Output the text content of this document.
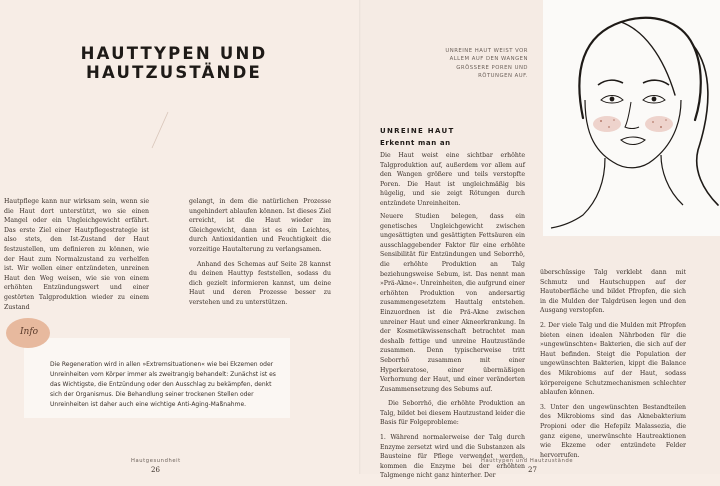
HAUTTYPEN UND
HAUTZUSTÄNDE

Hautpflege kann nur wirksam sein, wenn sie die Haut dort unterstützt, wo sie einen Mangel oder ein Ungleichgewicht erfährt. Das erste Ziel einer Hautpflegestrategie ist also stets, den Ist-Zustand der Haut festzustellen, um definieren zu können, wie der Haut zum Normalzustand zu verhelfen ist. Wir wollen einer entzündeten, unreinen Haut den Weg weisen, wie sie von einem erhöhten Entzündungswert und einer gestörten Talgproduktion wieder zu einem Zustand

gelangt, in dem die natürlichen Prozesse ungehindert ablaufen können. Ist dieses Ziel erreicht, ist die Haut wieder im Gleichgewicht, dann ist es ein Leichtes, durch Antioxidantien und Feuchtigkeit die vorzeitige Hautalterung zu verlangsamen.

Anhand des Schemas auf Seite 28 kannst du deinen Hauttyp feststellen, sodass du dich gezielt informieren kannst, um deine Haut und deren Prozesse besser zu verstehen und zu unterstützen.

Info

Die Regeneration wird in allen »Extremsituationen« wie bei Ekzemen oder Unreinheiten vom Körper immer als zweitrangig behandelt: Zunächst ist es das Wichtigste, die Entzündung oder den Ausschlag zu bekämpfen, denkt sich der Organismus. Die Behandlung seiner trockenen Stellen oder Unreinheiten ist daher auch eine wichtige Anti-Aging-Maßnahme.

Hautgesundheit
26
UNREINE HAUT WEIST VOR ALLEM AUF DEN WANGEN GRÖSSERE POREN UND RÖTUNGEN AUF.
UNREINE HAUT
Erkennt man an

Die Haut weist eine sichtbar erhöhte Talgproduktion auf, außerdem vor allem auf den Wangen größere und teils verstopfte Poren. Die Haut ist ungleichmäßig bis hügelig, und sie zeigt Rötungen durch entzündete Unreinheiten.

Neuere Studien belegen, dass ein genetisches Ungleichgewicht zwischen ungesättigten und gesättigten Fettsäuren ein ausschlaggebender Faktor für eine erhöhte Sensibilität für Entzündungen und Seborrhö, die erhöhte Produktion an Talg beziehungsweise Sebum, ist. Das nennt man »Prä-Akne«. Unreinheiten, die aufgrund einer erhöhten Produktion von andersartig zusammengesetztem Hauttalg entstehen. Einzuordnen ist die Prä-Akne zwischen unreiner Haut und einer Akneerkrankung. In der Kosmetikwissenschaft betrachtet man deshalb fettige und unreine Hautzustände zusammen. Denn typischerweise tritt Seborrhö zusammen mit einer Hyperkeratose, einer übermäßigen Verhornung der Haut, und einer veränderten Zusammensetzung des Sebums auf.

Die Seborrhö, die erhöhte Produktion an Talg, bildet bei diesem Hautzustand leider die Basis für Folgeprobleme:

1. Während normalerweise der Talg durch Enzyme zersetzt wird und die Substanzen als Bausteine für Pflege verwendet werden, kommen die Enzyme bei der erhöhten Talgmenge nicht ganz hinterher. Der

überschüssige Talg verklebt dann mit Schmutz und Hautschuppen auf der Hautoberfläche und bildet Pfropfen, die sich in die Mulden der Talgdrüsen legen und den Ausgang verstopfen.

2. Der viele Talg und die Mulden mit Pfropfen bieten einen idealen Nährboden für die »ungewünschten« Bakterien, die sich auf der Haut befinden. Steigt die Population der ungewünschten Bakterien, kippt die Balance des Mikrobioms auf der Haut, sodass körpereigene Schutzmechanismen schlechter ablaufen können.

3. Unter den ungewünschten Bestandteilen des Mikrobioms sind das Aknebakterium Propioni oder die Hefepilz Malassezia, die ganz eigene, unerwünschte Hautreaktionen wie Ekzeme oder entzündete Felder hervorrufen.

Hauttypen und Hautzustände
27
